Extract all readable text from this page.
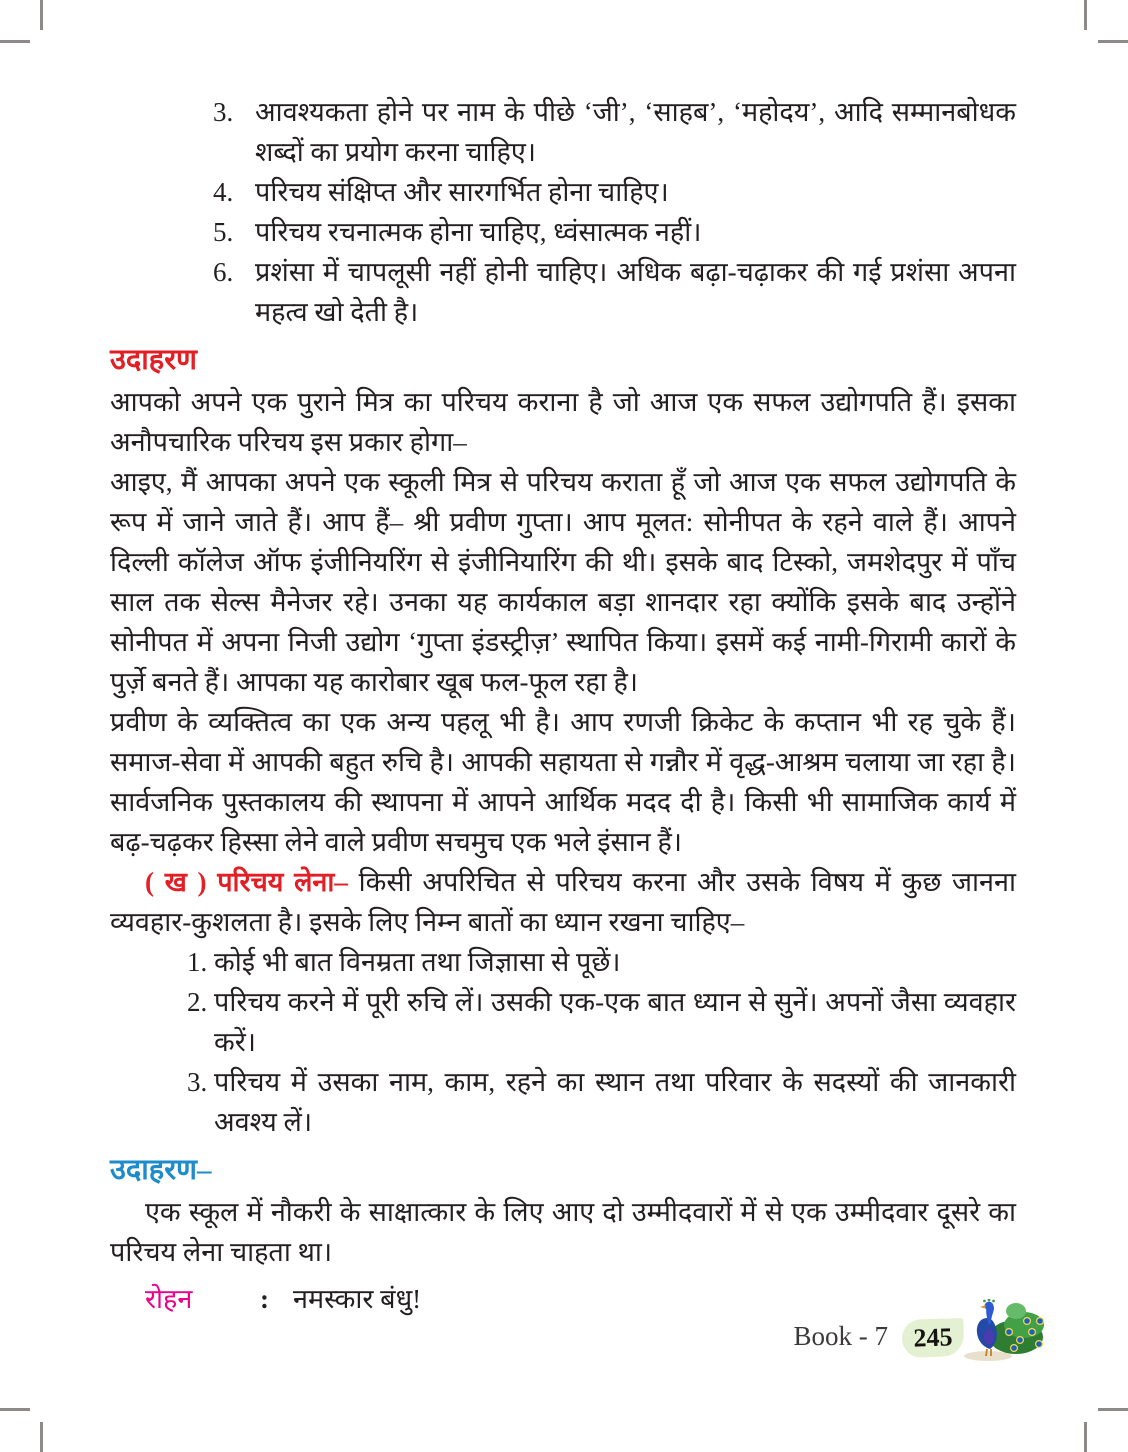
3. आवश्यकता होने पर नाम के पीछे ‘जी’, ‘साहब’, ‘महोदय’, आदि सम्मानबोधक शब्दों का प्रयोग करना चाहिए।
4. परिचय संक्षिप्त और सारगर्भित होना चाहिए।
5. परिचय रचनात्मक होना चाहिए, ध्वंसात्मक नहीं।
6. प्रशंसा में चापलूसी नहीं होनी चाहिए। अधिक बढ़ा-चढ़ाकर की गई प्रशंसा अपना महत्व खो देती है।
उदाहरण

आपको अपने एक पुराने मित्र का परिचय कराना है जो आज एक सफल उद्योगपति हैं। इसका अनौपचारिक परिचय इस प्रकार होगा–

आइए, मैं आपका अपने एक स्कूली मित्र से परिचय कराता हूँ जो आज एक सफल उद्योगपति के रूप में जाने जाते हैं। आप हैं– श्री प्रवीण गुप्ता। आप मूलत: सोनीपत के रहने वाले हैं। आपने दिल्ली कॉलेज ऑफ इंजीनियरिंग से इंजीनियारिंग की थी। इसके बाद टिस्को, जमशेदपुर में पाँच साल तक सेल्स मैनेजर रहे। उनका यह कार्यकाल बड़ा शानदार रहा क्योंकि इसके बाद उन्होंने सोनीपत में अपना निजी उद्योग ‘गुप्ता इंडस्ट्रीज़’ स्थापित किया। इसमें कई नामी-गिरामी कारों के पुर्ज़े बनते हैं। आपका यह कारोबार खूब फल-फूल रहा है।

प्रवीण के व्यक्तित्व का एक अन्य पहलू भी है। आप रणजी क्रिकेट के कप्तान भी रह चुके हैं। समाज-सेवा में आपकी बहुत रुचि है। आपकी सहायता से गन्नौर में वृद्ध-आश्रम चलाया जा रहा है। सार्वजनिक पुस्तकालय की स्थापना में आपने आर्थिक मदद दी है। किसी भी सामाजिक कार्य में बढ़-चढ़कर हिस्सा लेने वाले प्रवीण सचमुच एक भले इंसान हैं।

( ख ) परिचय लेना– किसी अपरिचित से परिचय करना और उसके विषय में कुछ जानना व्यवहार-कुशलता है। इसके लिए निम्न बातों का ध्यान रखना चाहिए–

1. कोई भी बात विनम्रता तथा जिज्ञासा से पूछें।
2. परिचय करने में पूरी रुचि लें। उसकी एक-एक बात ध्यान से सुनें। अपनों जैसा व्यवहार करें।
3. परिचय में उसका नाम, काम, रहने का स्थान तथा परिवार के सदस्यों की जानकारी अवश्य लें।
उदाहरण–

एक स्कूल में नौकरी के साक्षात्कार के लिए आए दो उम्मीदवारों में से एक उम्मीदवार दूसरे का परिचय लेना चाहता था।

रोहन	: नमस्कार बंधु!
Book - 7 245
